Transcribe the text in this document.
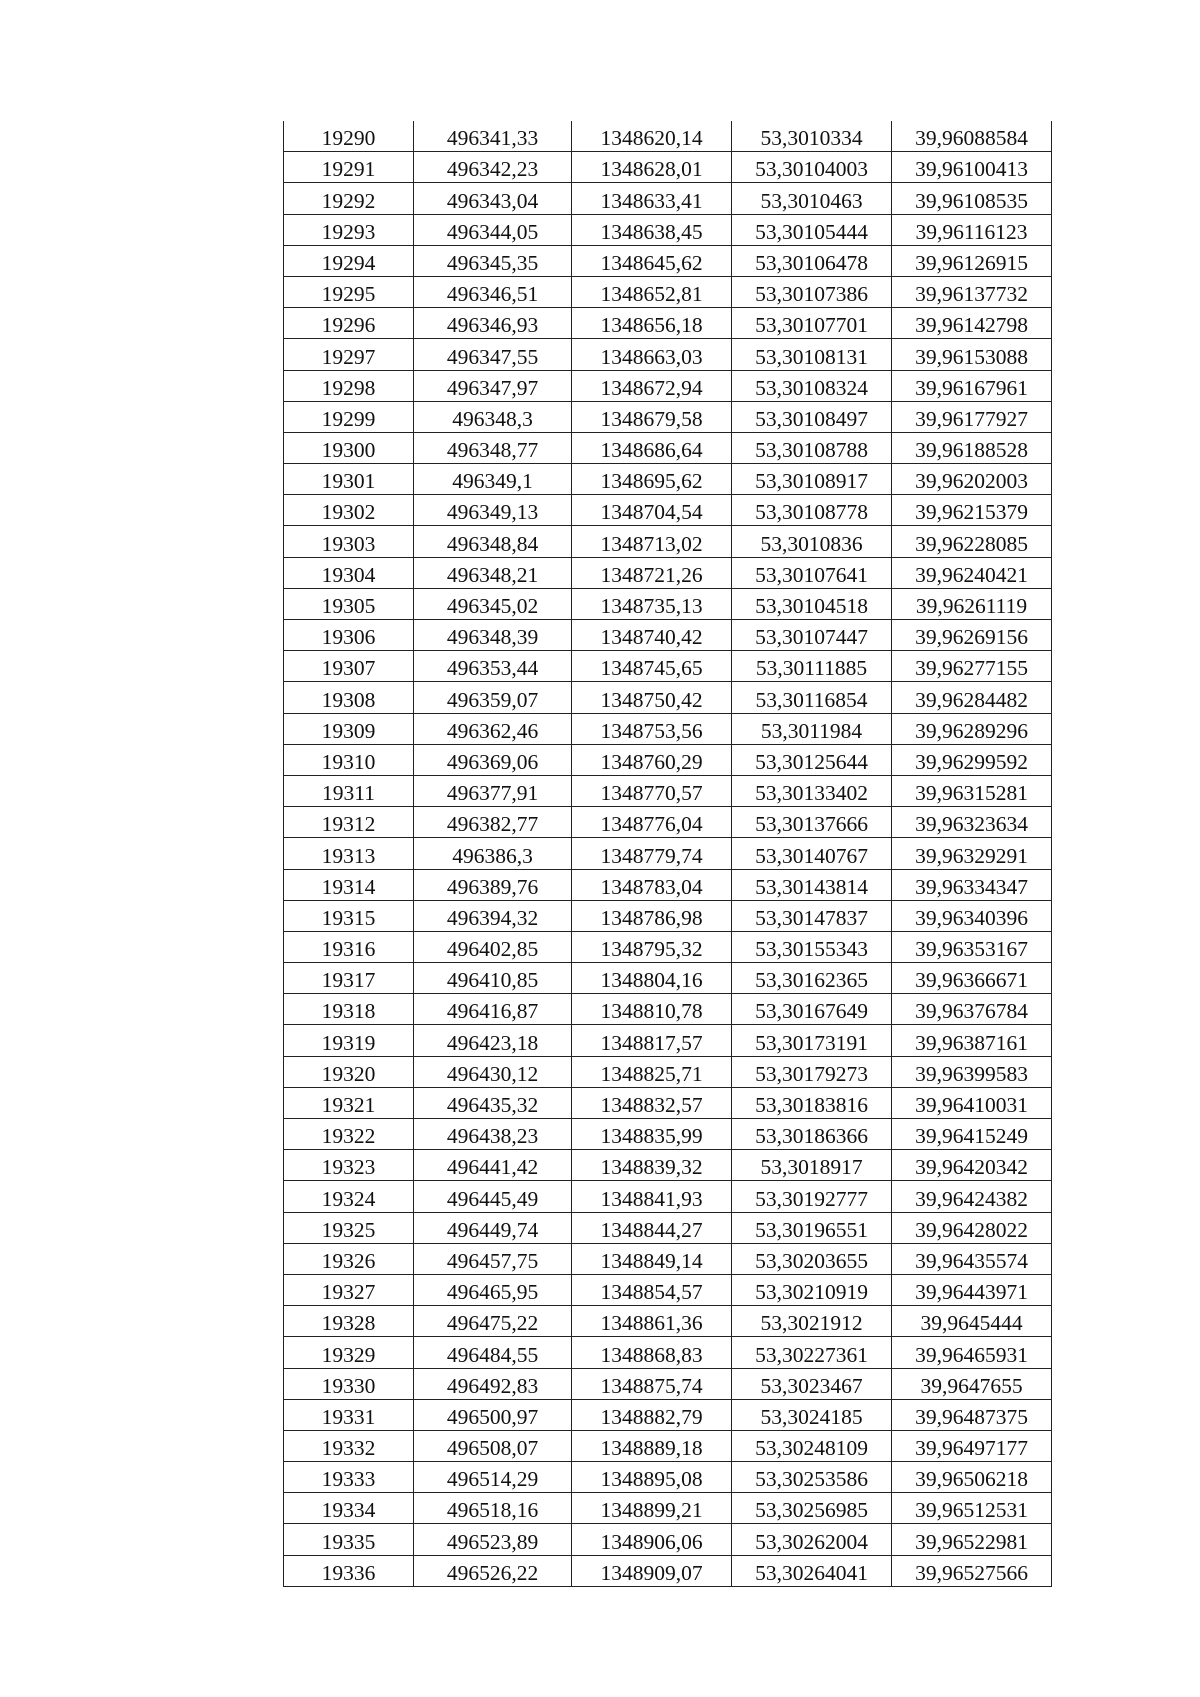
19290	496341,33	1348620,14	53,3010334	39,96088584
19291	496342,23	1348628,01	53,30104003	39,96100413
19292	496343,04	1348633,41	53,3010463	39,96108535
19293	496344,05	1348638,45	53,30105444	39,96116123
19294	496345,35	1348645,62	53,30106478	39,96126915
19295	496346,51	1348652,81	53,30107386	39,96137732
19296	496346,93	1348656,18	53,30107701	39,96142798
19297	496347,55	1348663,03	53,30108131	39,96153088
19298	496347,97	1348672,94	53,30108324	39,96167961
19299	496348,3	1348679,58	53,30108497	39,96177927
19300	496348,77	1348686,64	53,30108788	39,96188528
19301	496349,1	1348695,62	53,30108917	39,96202003
19302	496349,13	1348704,54	53,30108778	39,96215379
19303	496348,84	1348713,02	53,3010836	39,96228085
19304	496348,21	1348721,26	53,30107641	39,96240421
19305	496345,02	1348735,13	53,30104518	39,96261119
19306	496348,39	1348740,42	53,30107447	39,96269156
19307	496353,44	1348745,65	53,30111885	39,96277155
19308	496359,07	1348750,42	53,30116854	39,96284482
19309	496362,46	1348753,56	53,3011984	39,96289296
19310	496369,06	1348760,29	53,30125644	39,96299592
19311	496377,91	1348770,57	53,30133402	39,96315281
19312	496382,77	1348776,04	53,30137666	39,96323634
19313	496386,3	1348779,74	53,30140767	39,96329291
19314	496389,76	1348783,04	53,30143814	39,96334347
19315	496394,32	1348786,98	53,30147837	39,96340396
19316	496402,85	1348795,32	53,30155343	39,96353167
19317	496410,85	1348804,16	53,30162365	39,96366671
19318	496416,87	1348810,78	53,30167649	39,96376784
19319	496423,18	1348817,57	53,30173191	39,96387161
19320	496430,12	1348825,71	53,30179273	39,96399583
19321	496435,32	1348832,57	53,30183816	39,96410031
19322	496438,23	1348835,99	53,30186366	39,96415249
19323	496441,42	1348839,32	53,3018917	39,96420342
19324	496445,49	1348841,93	53,30192777	39,96424382
19325	496449,74	1348844,27	53,30196551	39,96428022
19326	496457,75	1348849,14	53,30203655	39,96435574
19327	496465,95	1348854,57	53,30210919	39,96443971
19328	496475,22	1348861,36	53,3021912	39,9645444
19329	496484,55	1348868,83	53,30227361	39,96465931
19330	496492,83	1348875,74	53,3023467	39,9647655
19331	496500,97	1348882,79	53,3024185	39,96487375
19332	496508,07	1348889,18	53,30248109	39,96497177
19333	496514,29	1348895,08	53,30253586	39,96506218
19334	496518,16	1348899,21	53,30256985	39,96512531
19335	496523,89	1348906,06	53,30262004	39,96522981
19336	496526,22	1348909,07	53,30264041	39,96527566
